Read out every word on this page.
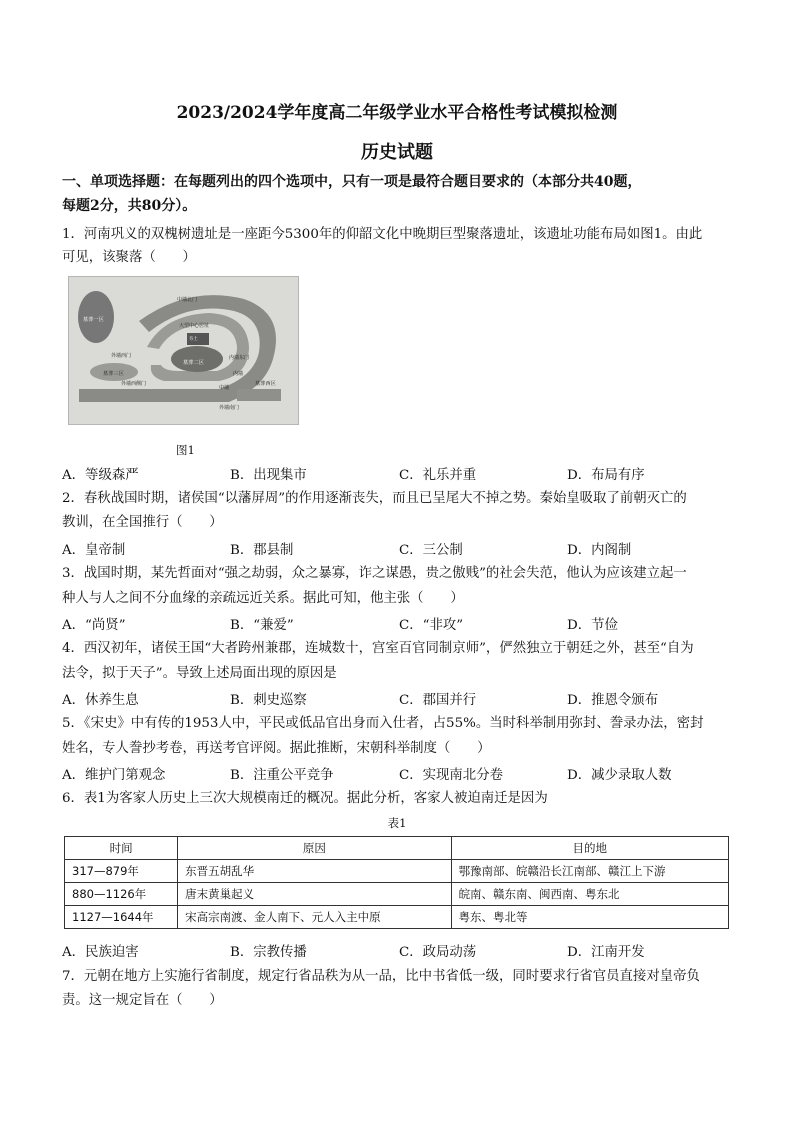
2023/2024学年度高二年级学业水平合格性考试模拟检测
历史试题
一、单项选择题：在每题列出的四个选项中，只有一项是最符合题目要求的（本部分共40题，
每题2分，共80分）。
1．河南巩义的双槐树遗址是一座距今5300年的仰韶文化中晚期巨型聚落遗址，该遗址功能布局如图1。由此
可见，该聚落（　　）
墓葬一区
墓葬二区
墓葬三区
墓葬西区
大型中心居址
中墙北门
内墙东门
外墙西门
外墙西侧门
内墙
中墙
外墙南门
夯土
图1
A．等级森严	B．出现集市	C．礼乐并重	D．布局有序
2．春秋战国时期，诸侯国“以藩屏周”的作用逐渐丧失，而且已呈尾大不掉之势。秦始皇吸取了前朝灭亡的
教训，在全国推行（　　）
A．皇帝制	B．郡县制	C．三公制	D．内阁制
3．战国时期，某先哲面对“强之劫弱，众之暴寡，诈之谋愚，贵之傲贱”的社会失范，他认为应该建立起一
种人与人之间不分血缘的亲疏远近关系。据此可知，他主张（　　）
A．“尚贤”	B．“兼爱”	C．“非攻”	D．节俭
4．西汉初年，诸侯王国“大者跨州兼郡，连城数十，宫室百官同制京师”，俨然独立于朝廷之外，甚至“自为
法令，拟于天子”。导致上述局面出现的原因是
A．休养生息	B．刺史巡察	C．郡国并行	D．推恩令颁布
5．《宋史》中有传的1953人中，平民或低品官出身而入仕者，占55%。当时科举制用弥封、誊录办法，密封
姓名，专人誊抄考卷，再送考官评阅。据此推断，宋朝科举制度（　　）
A．维护门第观念	B．注重公平竞争	C．实现南北分卷	D．减少录取人数
6．表1为客家人历史上三次大规模南迁的概况。据此分析，客家人被迫南迁是因为
表1
时间	原因	目的地
317—879年	东晋五胡乱华	鄂豫南部、皖赣沿长江南部、赣江上下游
880—1126年	唐末黄巢起义	皖南、赣东南、闽西南、粤东北
1127—1644年	宋高宗南渡、金人南下、元人入主中原	粤东、粤北等
A．民族迫害	B．宗教传播	C．政局动荡	D．江南开发
7．元朝在地方上实施行省制度，规定行省品秩为从一品，比中书省低一级，同时要求行省官员直接对皇帝负
责。这一规定旨在（　　）
